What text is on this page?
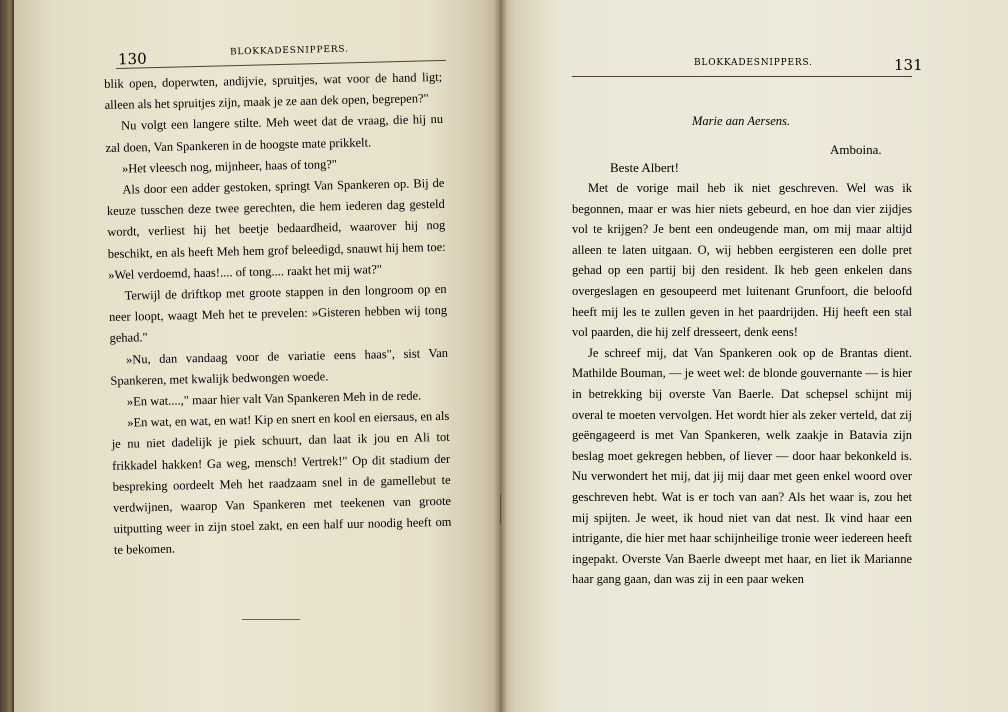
130	BLOKKADESNIPPERS.

blik open, doperwten, andijvie, spruitjes, wat voor de hand ligt; alleen als het spruitjes zijn, maak je ze aan dek open, begrepen?"

Nu volgt een langere stilte. Meh weet dat de vraag, die hij nu zal doen, Van Spankeren in de hoogste mate prikkelt.

»Het vleesch nog, mijnheer, haas of tong?"

Als door een adder gestoken, springt Van Spankeren op. Bij de keuze tusschen deze twee gerechten, die hem iederen dag gesteld wordt, verliest hij het beetje bedaardheid, waarover hij nog beschikt, en als heeft Meh hem grof beleedigd, snauwt hij hem toe: »Wel verdoemd, haas!.... of tong.... raakt het mij wat?"

Terwijl de driftkop met groote stappen in den longroom op en neer loopt, waagt Meh het te prevelen: »Gisteren hebben wij tong gehad."

»Nu, dan vandaag voor de variatie eens haas", sist Van Spankeren, met kwalijk bedwongen woede.

»En wat....," maar hier valt Van Spankeren Meh in de rede.

»En wat, en wat, en wat! Kip en snert en kool en eiersaus, en als je nu niet dadelijk je piek schuurt, dan laat ik jou en Ali tot frikkadel hakken! Ga weg, mensch! Vertrek!" Op dit stadium der bespreking oordeelt Meh het raadzaam snel in de gamellebut te verdwijnen, waarop Van Spankeren met teekenen van groote uitputting weer in zijn stoel zakt, en een half uur noodig heeft om te bekomen.

BLOKKADESNIPPERS.	131
Marie aan Aersens.
Amboina.
Beste Albert!

Met de vorige mail heb ik niet geschreven. Wel was ik begonnen, maar er was hier niets gebeurd, en hoe dan vier zijdjes vol te krijgen? Je bent een ondeugende man, om mij maar altijd alleen te laten uitgaan. O, wij hebben eergisteren een dolle pret gehad op een partij bij den resident. Ik heb geen enkelen dans overgeslagen en gesoupeerd met luitenant Grunfoort, die beloofd heeft mij les te zullen geven in het paardrijden. Hij heeft een stal vol paarden, die hij zelf dresseert, denk eens!

Je schreef mij, dat Van Spankeren ook op de Brantas dient. Mathilde Bouman, — je weet wel: de blonde gouvernante — is hier in betrekking bij overste Van Baerle. Dat schepsel schijnt mij overal te moeten vervolgen. Het wordt hier als zeker verteld, dat zij geëngageerd is met Van Spankeren, welk zaakje in Batavia zijn beslag moet gekregen hebben, of liever — door haar bekonkeld is. Nu verwondert het mij, dat jij mij daar met geen enkel woord over geschreven hebt. Wat is er toch van aan? Als het waar is, zou het mij spijten. Je weet, ik houd niet van dat nest. Ik vind haar een intrigante, die hier met haar schijnheilige tronie weer iedereen heeft ingepakt. Overste Van Baerle dweept met haar, en liet ik Marianne haar gang gaan, dan was zij in een paar weken
